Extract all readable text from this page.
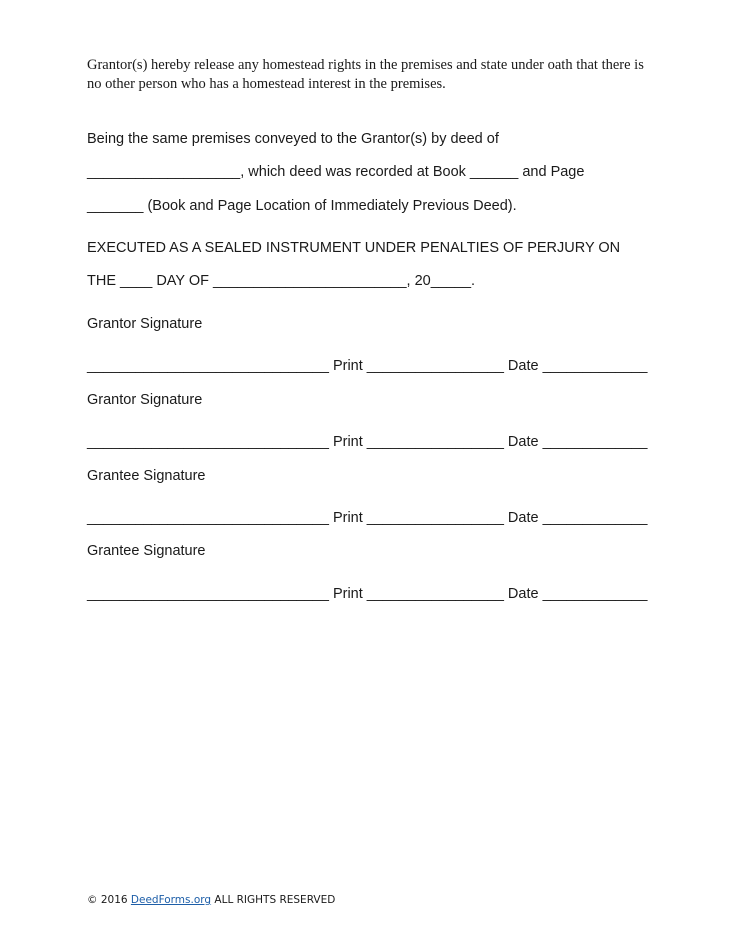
Grantor(s) hereby release any homestead rights in the premises and state under oath that there is no other person who has a homestead interest in the premises.
Being the same premises conveyed to the Grantor(s) by deed of
___________________, which deed was recorded at Book ______ and Page
_______ (Book and Page Location of Immediately Previous Deed).
EXECUTED AS A SEALED INSTRUMENT UNDER PENALTIES OF PERJURY ON
THE ____ DAY OF ________________________, 20_____.
Grantor Signature
______________________________ Print _________________ Date _____________
Grantor Signature
______________________________ Print _________________ Date _____________
Grantee Signature
______________________________ Print _________________ Date _____________
Grantee Signature
______________________________ Print _________________ Date _____________
© 2016 DeedForms.org ALL RIGHTS RESERVED
